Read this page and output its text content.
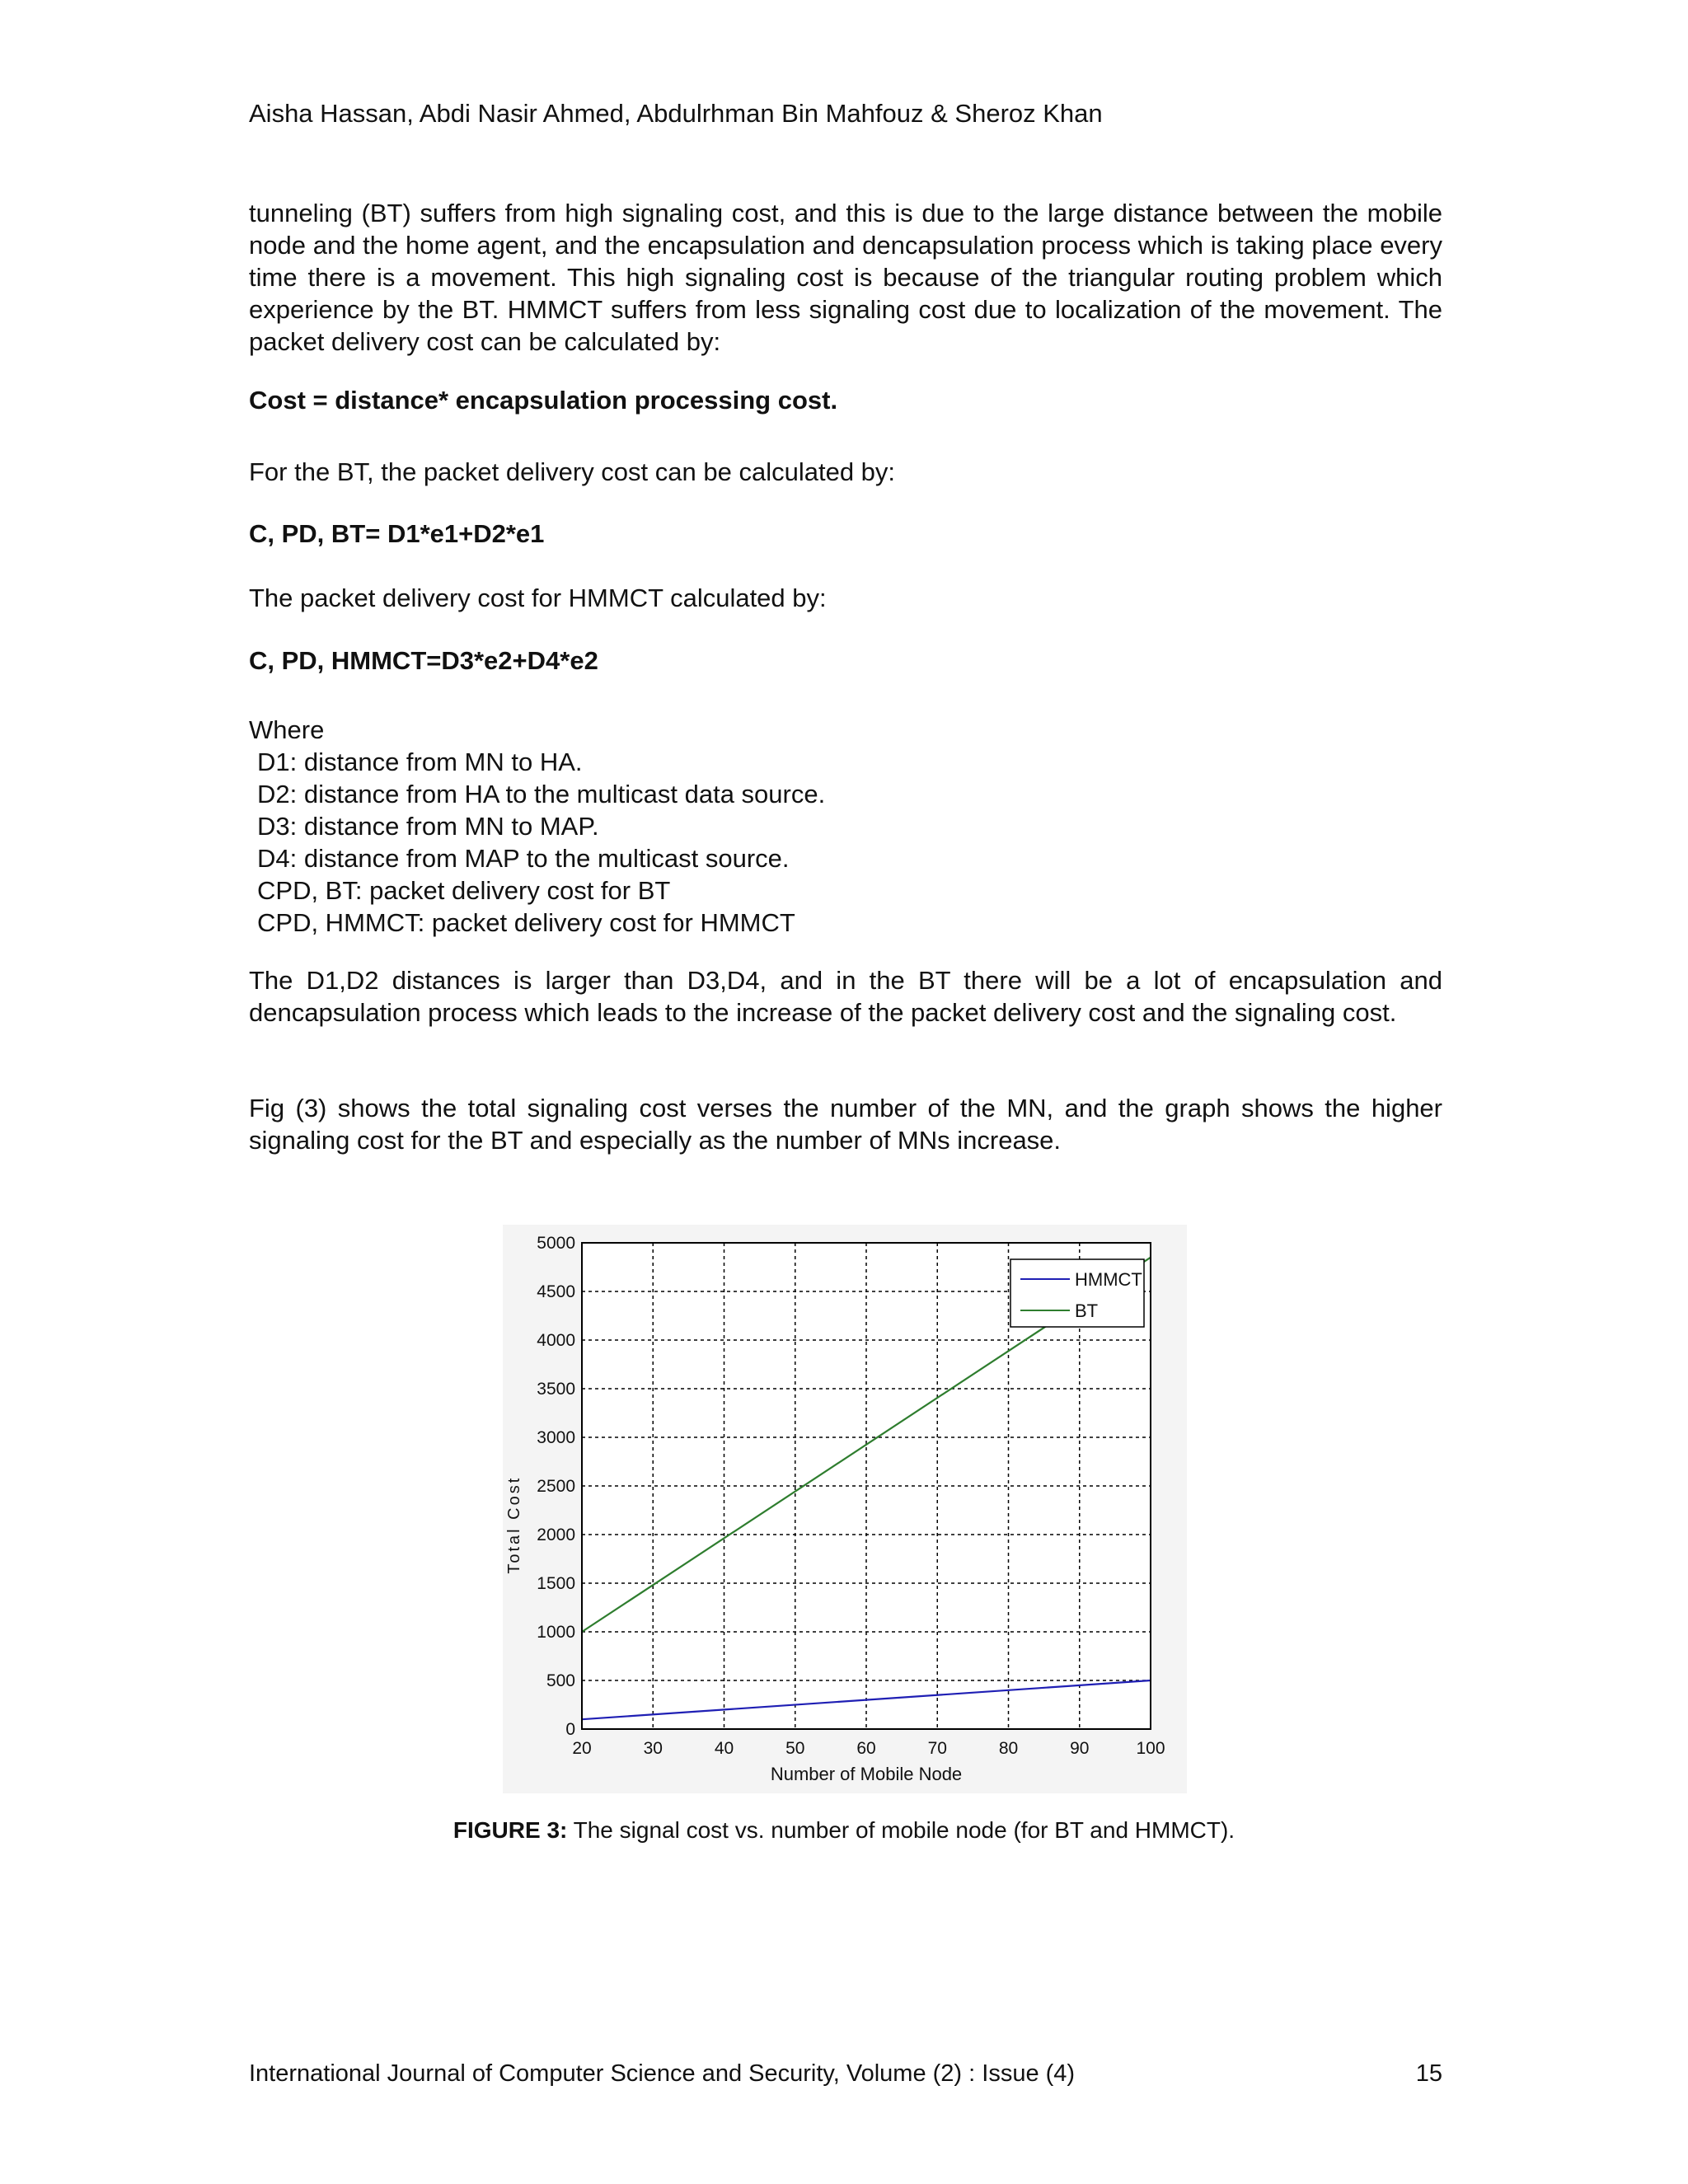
Aisha Hassan, Abdi Nasir Ahmed, Abdulrhman Bin Mahfouz & Sheroz Khan

tunneling (BT) suffers from high signaling cost, and this is due to the large distance between the mobile node and the home agent, and the encapsulation and dencapsulation process which is taking place every time there is a movement. This high signaling cost is because of the triangular routing problem which experience by the BT. HMMCT suffers from less signaling cost due to localization of the movement. The packet delivery cost can be calculated by:

Cost = distance* encapsulation processing cost.
For the BT, the packet delivery cost can be calculated by:
C, PD, BT= D1*e1+D2*e1
The packet delivery cost for HMMCT calculated by:
C, PD, HMMCT=D3*e2+D4*e2
Where
D1: distance from MN to HA.
D2: distance from HA to the multicast data source.
D3: distance from MN to MAP.
D4: distance from MAP to the multicast source.
CPD, BT: packet delivery cost for BT
CPD, HMMCT: packet delivery cost for HMMCT

The D1,D2 distances is larger than D3,D4, and in the BT there will be a lot of encapsulation and dencapsulation process which leads to the increase of the packet delivery cost and the signaling cost.

Fig (3) shows the total signaling cost verses the number of the MN, and the graph shows the higher signaling cost for the BT and especially as the number of MNs increase.

20	30	40	50	60	70	80	90	100
0
500
1000
1500
2000
2500
3000
3500
4000
4500
5000
Number of Mobile Node
Total Cost
HMMCT
BT
FIGURE 3: The signal cost vs. number of mobile node (for BT and HMMCT).
International Journal of Computer Science and Security, Volume (2) : Issue (4)	15
